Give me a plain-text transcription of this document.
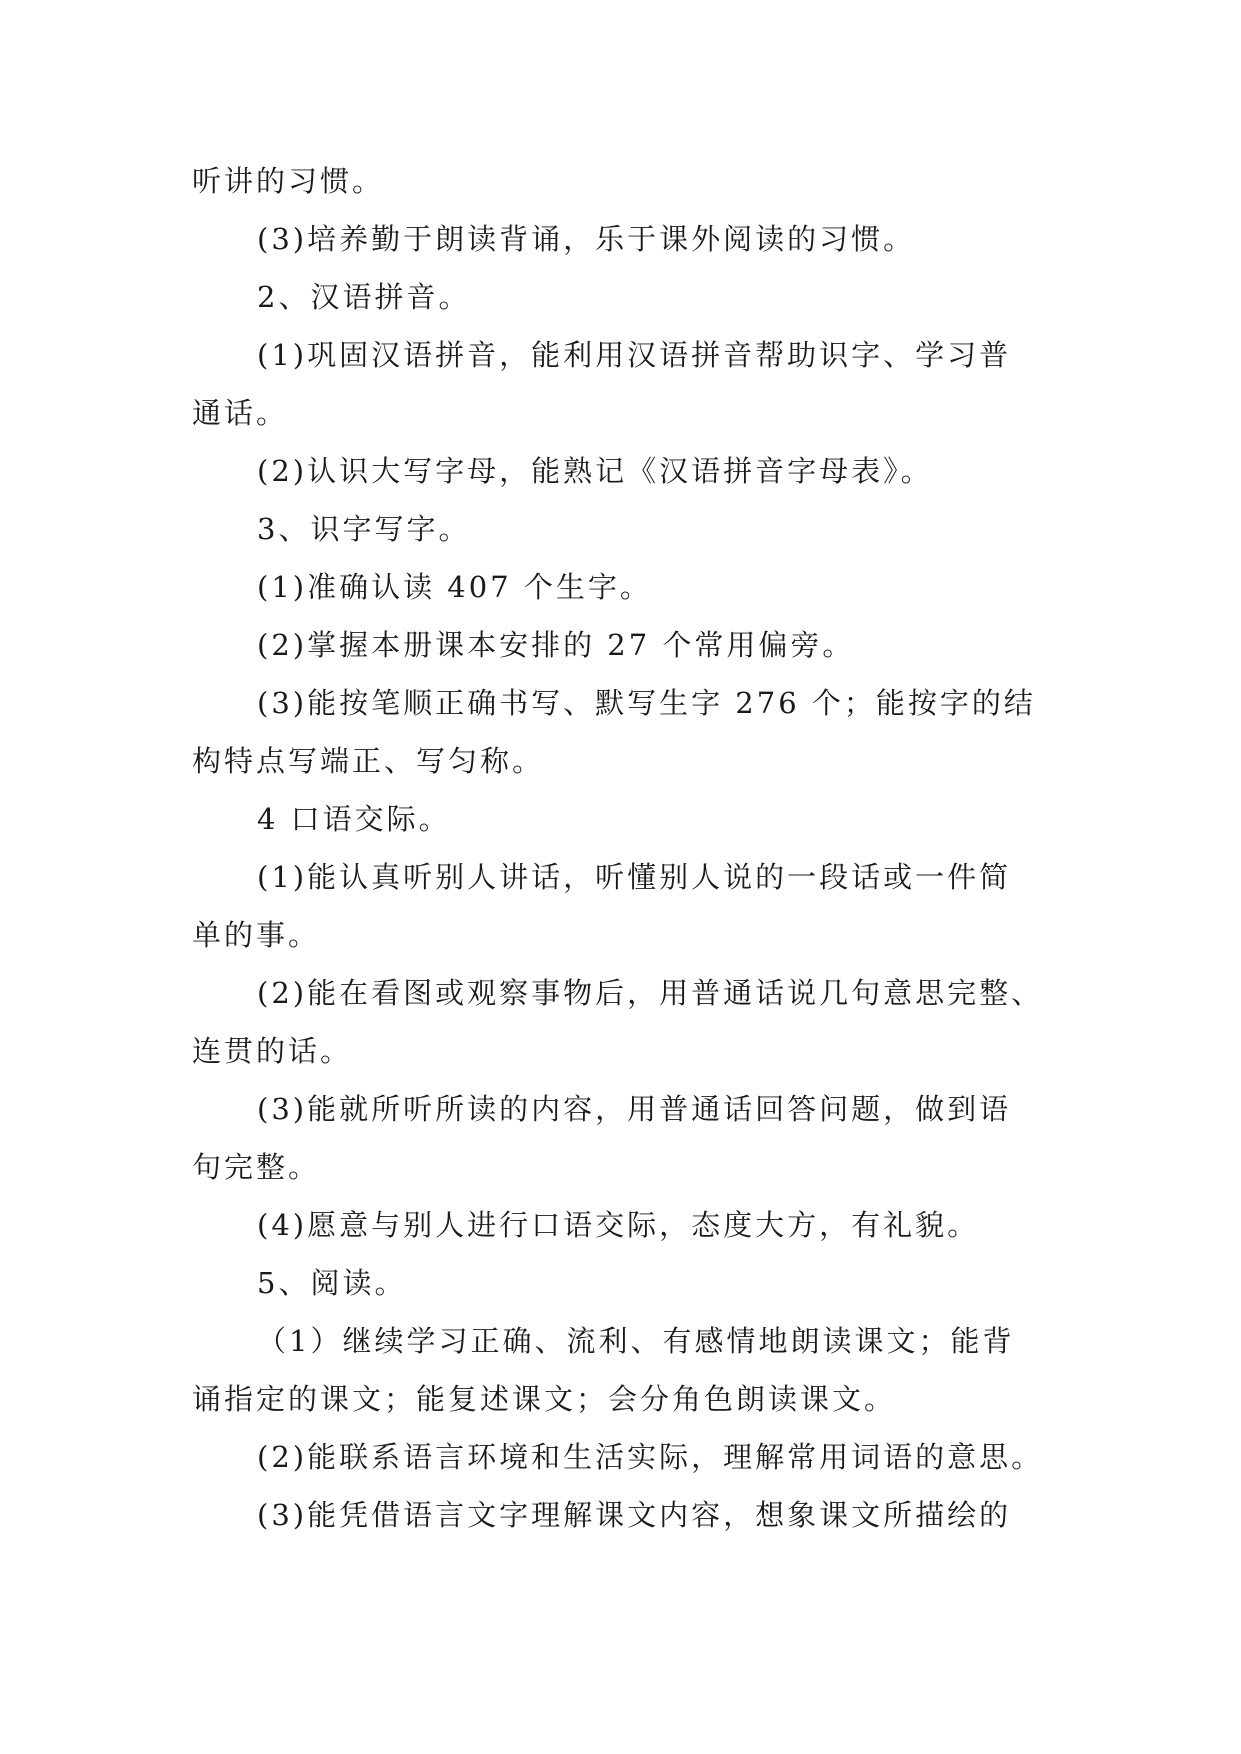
听讲的习惯。
(3)培养勤于朗读背诵，乐于课外阅读的习惯。
2、汉语拼音。
(1)巩固汉语拼音，能利用汉语拼音帮助识字、学习普
通话。
(2)认识大写字母，能熟记《汉语拼音字母表》。
3、识字写字。
(1)准确认读 407 个生字。
(2)掌握本册课本安排的 27 个常用偏旁。
(3)能按笔顺正确书写、默写生字 276 个；能按字的结
构特点写端正、写匀称。
4 口语交际。
(1)能认真听别人讲话，听懂别人说的一段话或一件简
单的事。
(2)能在看图或观察事物后，用普通话说几句意思完整、
连贯的话。
(3)能就所听所读的内容，用普通话回答问题，做到语
句完整。
(4)愿意与别人进行口语交际，态度大方，有礼貌。
5、阅读。
（1）继续学习正确、流利、有感情地朗读课文；能背
诵指定的课文；能复述课文；会分角色朗读课文。
(2)能联系语言环境和生活实际，理解常用词语的意思。
(3)能凭借语言文字理解课文内容，想象课文所描绘的
